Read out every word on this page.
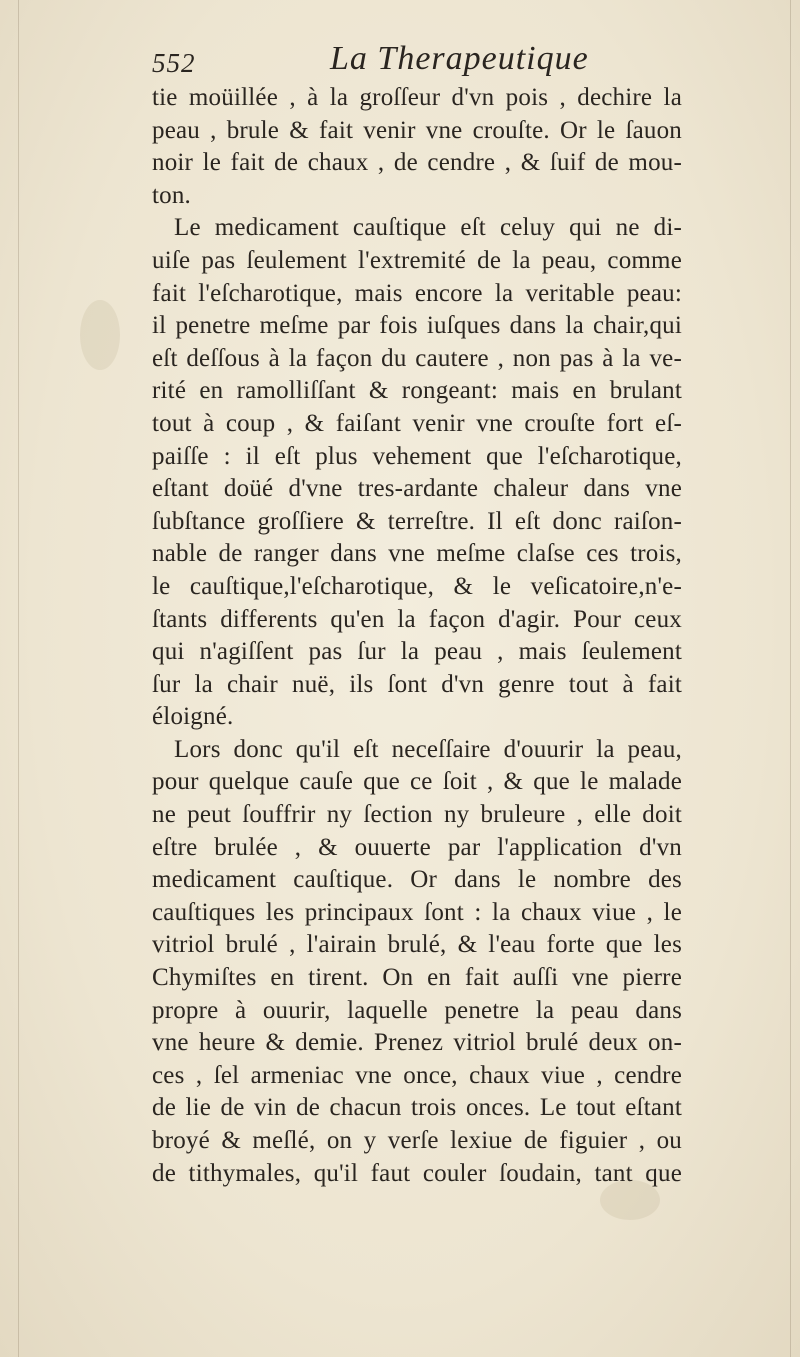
552	La Therapeutique
tie moüillée , à la groſſeur d'vn pois , dechire la
peau , brule & fait venir vne crouſte. Or le ſauon
noir le fait de chaux , de cendre , & ſuif de mou-
ton.
Le medicament cauſtique eſt celuy qui ne di-
uiſe pas ſeulement l'extremité de la peau, comme
fait l'eſcharotique, mais encore la veritable peau:
il penetre meſme par fois iuſques dans la chair,qui
eſt deſſous à la façon du cautere , non pas à la ve-
rité en ramolliſſant & rongeant: mais en brulant
tout à coup , & faiſant venir vne crouſte fort eſ-
paiſſe : il eſt plus vehement que l'eſcharotique,
eſtant doüé d'vne tres-ardante chaleur dans vne
ſubſtance groſſiere & terreſtre. Il eſt donc raiſon-
nable de ranger dans vne meſme claſse ces trois,
le cauſtique,l'eſcharotique, & le veſicatoire,n'e-
ſtants differents qu'en la façon d'agir. Pour ceux
qui n'agiſſent pas ſur la peau , mais ſeulement
ſur la chair nuë, ils ſont d'vn genre tout à fait
éloigné.
Lors donc qu'il eſt neceſſaire d'ouurir la peau,
pour quelque cauſe que ce ſoit , & que le malade
ne peut ſouffrir ny ſection ny bruleure , elle doit
eſtre brulée , & ouuerte par l'application d'vn
medicament cauſtique. Or dans le nombre des
cauſtiques les principaux ſont : la chaux viue , le
vitriol brulé , l'airain brulé, & l'eau forte que les
Chymiſtes en tirent. On en fait auſſi vne pierre
propre à ouurir, laquelle penetre la peau dans
vne heure & demie. Prenez vitriol brulé deux on-
ces , ſel armeniac vne once, chaux viue , cendre
de lie de vin de chacun trois onces. Le tout eſtant
broyé & meſlé, on y verſe lexiue de figuier , ou
de tithymales, qu'il faut couler ſoudain, tant que
